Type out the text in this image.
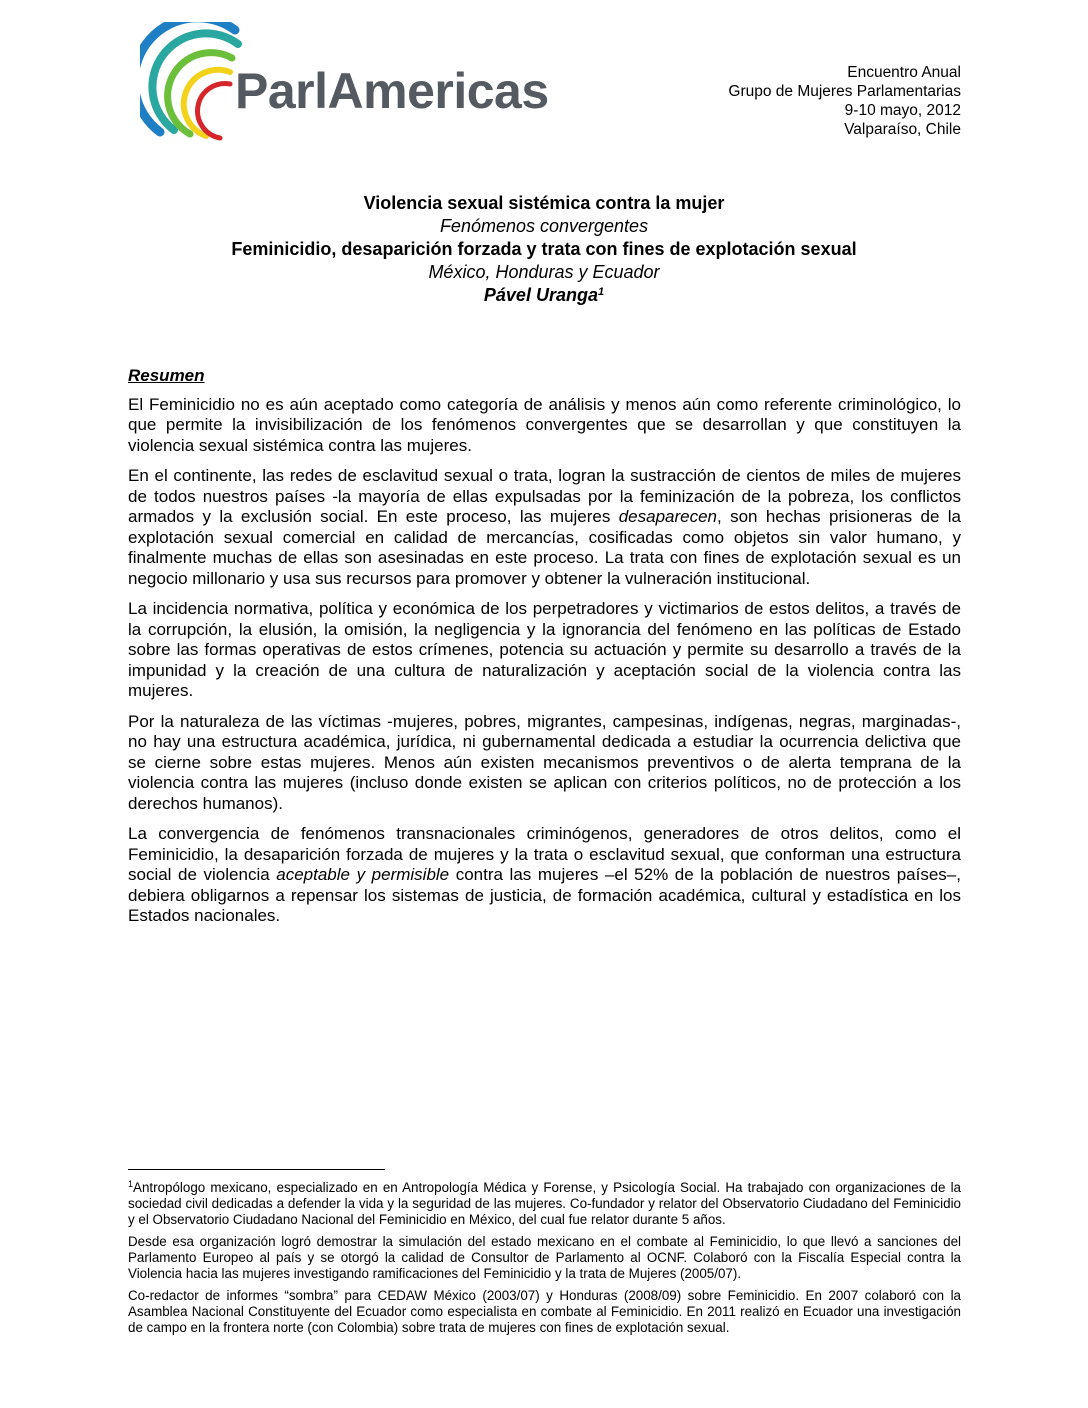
ParlAmericas	Encuentro Anual
Grupo de Mujeres Parlamentarias
9-10 mayo, 2012
Valparaíso, Chile
Violencia sexual sistémica contra la mujer
Fenómenos convergentes
Feminicidio, desaparición forzada y trata con fines de explotación sexual
México, Honduras y Ecuador
Pável Uranga$^1$
Resumen

El Feminicidio no es aún aceptado como categoría de análisis y menos aún como referente criminológico, lo que permite la invisibilización de los fenómenos convergentes que se desarrollan y que constituyen la violencia sexual sistémica contra las mujeres.

En el continente, las redes de esclavitud sexual o trata, logran la sustracción de cientos de miles de mujeres de todos nuestros países -la mayoría de ellas expulsadas por la feminización de la pobreza, los conflictos armados y la exclusión social. En este proceso, las mujeres desaparecen, son hechas prisioneras de la explotación sexual comercial en calidad de mercancías, cosificadas como objetos sin valor humano, y finalmente muchas de ellas son asesinadas en este proceso. La trata con fines de explotación sexual es un negocio millonario y usa sus recursos para promover y obtener la vulneración institucional.

La incidencia normativa, política y económica de los perpetradores y victimarios de estos delitos, a través de la corrupción, la elusión, la omisión, la negligencia y la ignorancia del fenómeno en las políticas de Estado sobre las formas operativas de estos crímenes, potencia su actuación y permite su desarrollo a través de la impunidad y la creación de una cultura de naturalización y aceptación social de la violencia contra las mujeres.

Por la naturaleza de las víctimas -mujeres, pobres, migrantes, campesinas, indígenas, negras, marginadas-, no hay una estructura académica, jurídica, ni gubernamental dedicada a estudiar la ocurrencia delictiva que se cierne sobre estas mujeres. Menos aún existen mecanismos preventivos o de alerta temprana de la violencia contra las mujeres (incluso donde existen se aplican con criterios políticos, no de protección a los derechos humanos).

La convergencia de fenómenos transnacionales criminógenos, generadores de otros delitos, como el Feminicidio, la desaparición forzada de mujeres y la trata o esclavitud sexual, que conforman una estructura social de violencia aceptable y permisible contra las mujeres –el 52% de la población de nuestros países–, debiera obligarnos a repensar los sistemas de justicia, de formación académica, cultural y estadística en los Estados nacionales.

$^1$Antropólogo mexicano, especializado en en Antropología Médica y Forense, y Psicología Social. Ha trabajado con organizaciones de la sociedad civil dedicadas a defender la vida y la seguridad de las mujeres. Co-fundador y relator del Observatorio Ciudadano del Feminicidio y el Observatorio Ciudadano Nacional del Feminicidio en México, del cual fue relator durante 5 años.

Desde esa organización logró demostrar la simulación del estado mexicano en el combate al Feminicidio, lo que llevó a sanciones del Parlamento Europeo al país y se otorgó la calidad de Consultor de Parlamento al OCNF. Colaboró con la Fiscalía Especial contra la Violencia hacia las mujeres investigando ramificaciones del Feminicidio y la trata de Mujeres (2005/07).

Co-redactor de informes “sombra” para CEDAW México (2003/07) y Honduras (2008/09) sobre Feminicidio. En 2007 colaboró con la Asamblea Nacional Constituyente del Ecuador como especialista en combate al Feminicidio. En 2011 realizó en Ecuador una investigación de campo en la frontera norte (con Colombia) sobre trata de mujeres con fines de explotación sexual.
